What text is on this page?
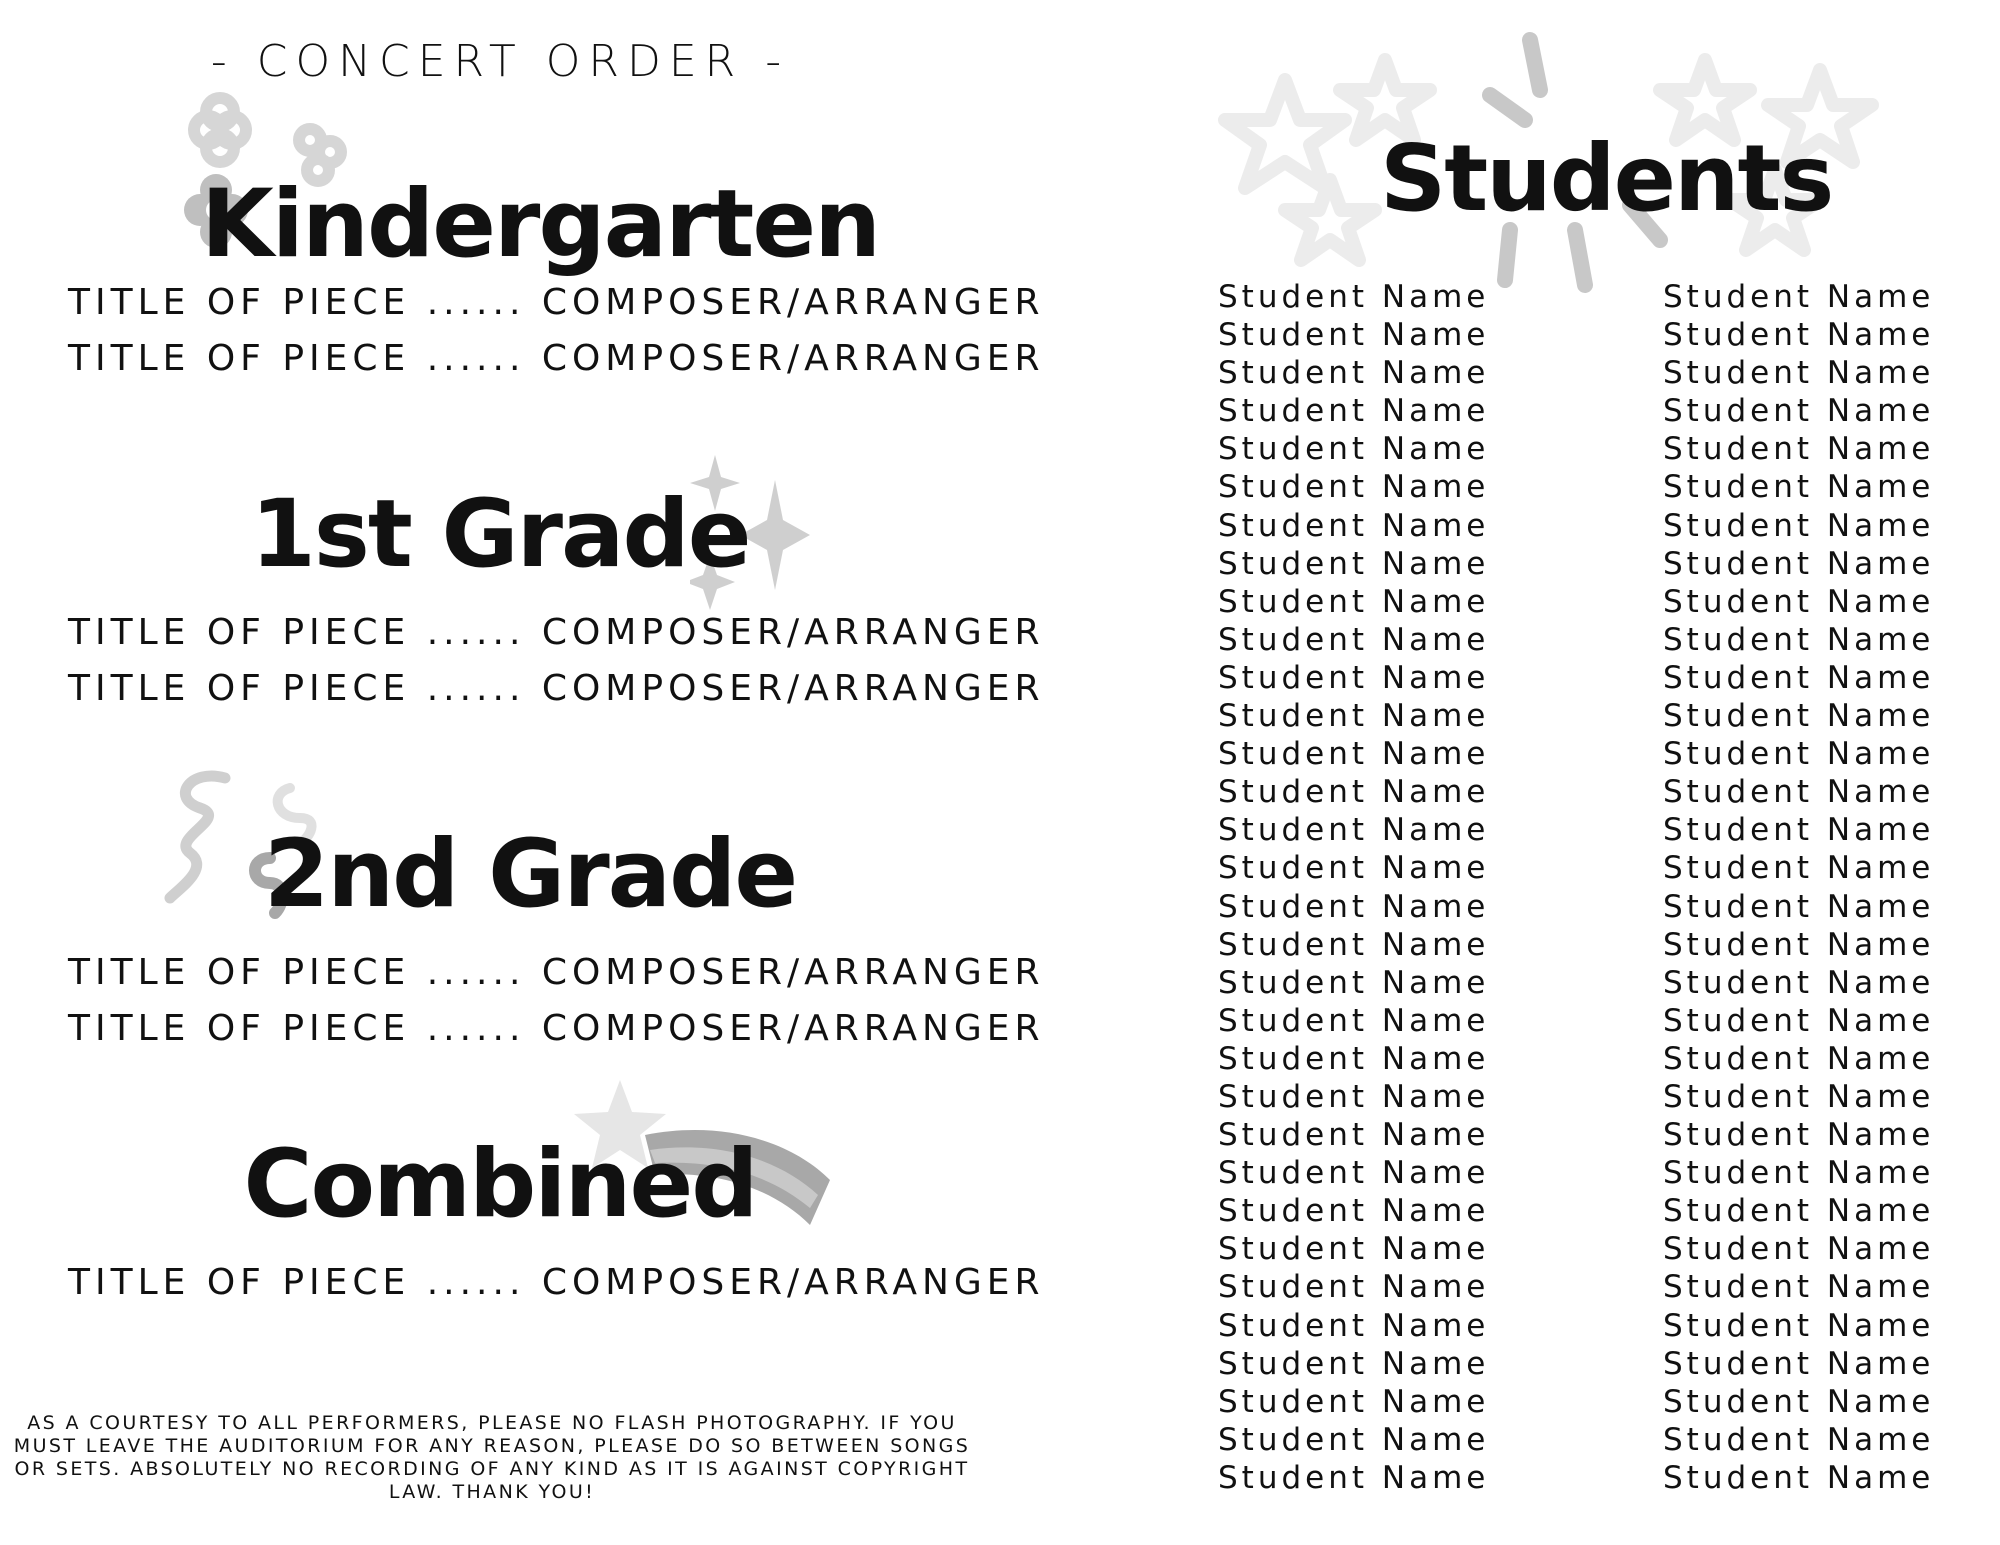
- CONCERT ORDER -
Kindergarten
TITLE OF PIECE ...... COMPOSER/ARRANGER
TITLE OF PIECE ...... COMPOSER/ARRANGER
1st Grade
TITLE OF PIECE ...... COMPOSER/ARRANGER
TITLE OF PIECE ...... COMPOSER/ARRANGER
2nd Grade
TITLE OF PIECE ...... COMPOSER/ARRANGER
TITLE OF PIECE ...... COMPOSER/ARRANGER
Combined
TITLE OF PIECE ...... COMPOSER/ARRANGER
AS A COURTESY TO ALL PERFORMERS, PLEASE NO FLASH PHOTOGRAPHY. IF YOU MUST LEAVE THE AUDITORIUM FOR ANY REASON, PLEASE DO SO BETWEEN SONGS OR SETS. ABSOLUTELY NO RECORDING OF ANY KIND AS IT IS AGAINST COPYRIGHT LAW. THANK YOU!
Students
Student Name
Student Name
Student Name
Student Name
Student Name
Student Name
Student Name
Student Name
Student Name
Student Name
Student Name
Student Name
Student Name
Student Name
Student Name
Student Name
Student Name
Student Name
Student Name
Student Name
Student Name
Student Name
Student Name
Student Name
Student Name
Student Name
Student Name
Student Name
Student Name
Student Name
Student Name
Student Name
Student Name
Student Name
Student Name
Student Name
Student Name
Student Name
Student Name
Student Name
Student Name
Student Name
Student Name
Student Name
Student Name
Student Name
Student Name
Student Name
Student Name
Student Name
Student Name
Student Name
Student Name
Student Name
Student Name
Student Name
Student Name
Student Name
Student Name
Student Name
Student Name
Student Name
Student Name
Student Name
